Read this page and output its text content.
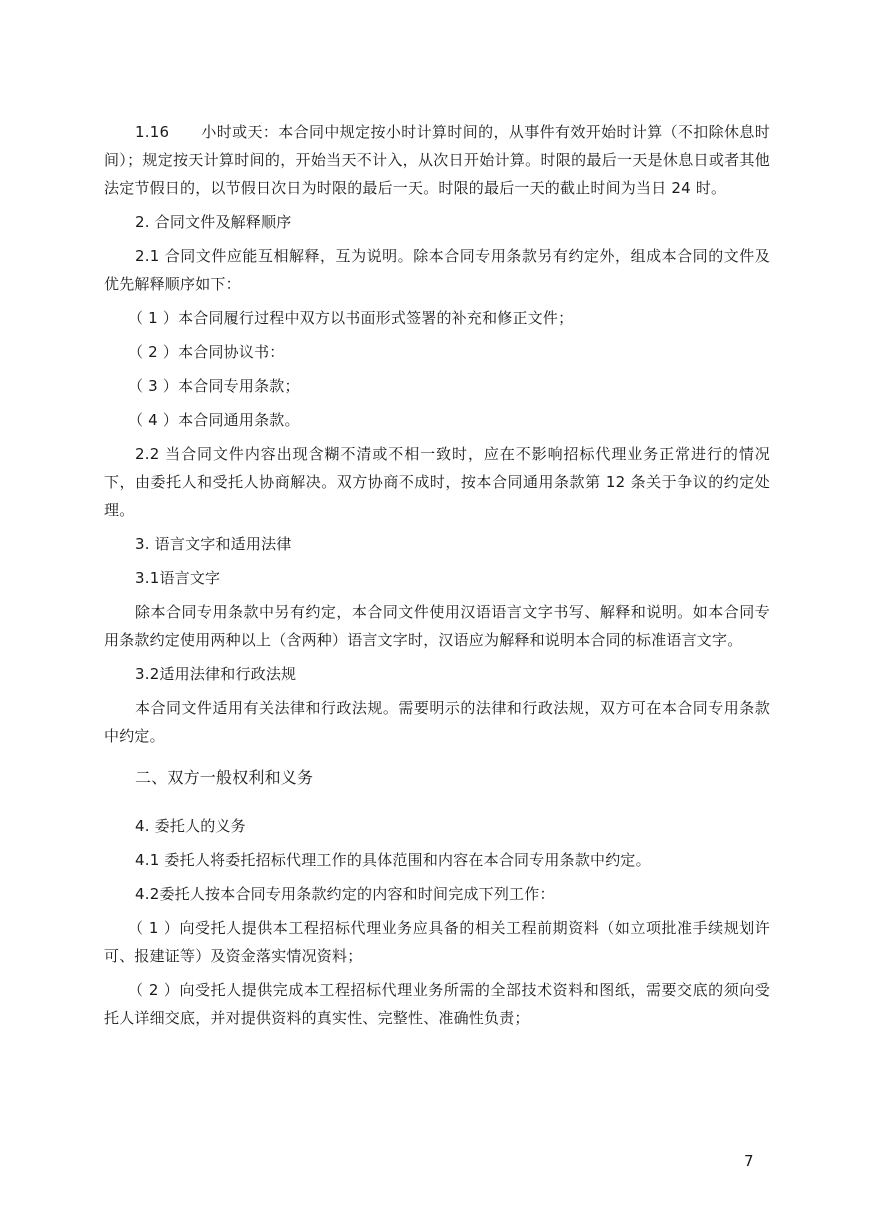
1.16 小时或天：本合同中规定按小时计算时间的，从事件有效开始时计算（不扣除休息时间）；规定按天计算时间的，开始当天不计入，从次日开始计算。时限的最后一天是休息日或者其他法定节假日的，以节假日次日为时限的最后一天。时限的最后一天的截止时间为当日 24 时。

2. 合同文件及解释顺序

2.1 合同文件应能互相解释，互为说明。除本合同专用条款另有约定外，组成本合同的文件及优先解释顺序如下：

（ 1 ）本合同履行过程中双方以书面形式签署的补充和修正文件；

（ 2 ）本合同协议书：

（ 3 ）本合同专用条款；

（ 4 ）本合同通用条款。

2.2 当合同文件内容出现含糊不清或不相一致时，应在不影响招标代理业务正常进行的情况下，由委托人和受托人协商解决。双方协商不成时，按本合同通用条款第 12 条关于争议的约定处理。

3. 语言文字和适用法律

3.1语言文字

除本合同专用条款中另有约定，本合同文件使用汉语语言文字书写、解释和说明。如本合同专用条款约定使用两种以上（含两种）语言文字时，汉语应为解释和说明本合同的标准语言文字。

3.2适用法律和行政法规

本合同文件适用有关法律和行政法规。需要明示的法律和行政法规，双方可在本合同专用条款中约定。

二、双方一般权利和义务

4. 委托人的义务

4.1 委托人将委托招标代理工作的具体范围和内容在本合同专用条款中约定。

4.2委托人按本合同专用条款约定的内容和时间完成下列工作：

（ 1 ）向受托人提供本工程招标代理业务应具备的相关工程前期资料（如立项批准手续规划许可、报建证等）及资金落实情况资料；

（ 2 ）向受托人提供完成本工程招标代理业务所需的全部技术资料和图纸，需要交底的须向受托人详细交底，并对提供资料的真实性、完整性、准确性负责；

7
